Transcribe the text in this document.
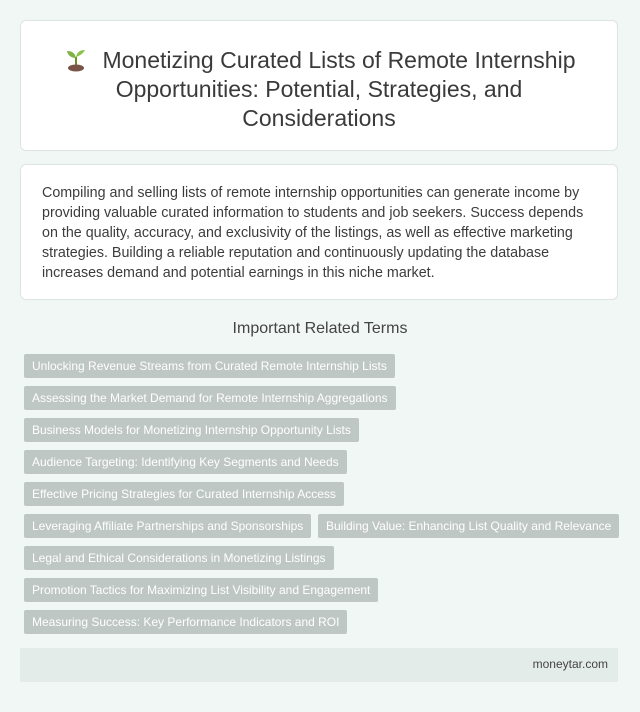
Monetizing Curated Lists of Remote Internship Opportunities: Potential, Strategies, and Considerations

Compiling and selling lists of remote internship opportunities can generate income by providing valuable curated information to students and job seekers. Success depends on the quality, accuracy, and exclusivity of the listings, as well as effective marketing strategies. Building a reliable reputation and continuously updating the database increases demand and potential earnings in this niche market.

Important Related Terms
Unlocking Revenue Streams from Curated Remote Internship Lists
Assessing the Market Demand for Remote Internship Aggregations
Business Models for Monetizing Internship Opportunity Lists
Audience Targeting: Identifying Key Segments and Needs
Effective Pricing Strategies for Curated Internship Access
Leveraging Affiliate Partnerships and Sponsorships	Building Value: Enhancing List Quality and Relevance
Legal and Ethical Considerations in Monetizing Listings
Promotion Tactics for Maximizing List Visibility and Engagement
Measuring Success: Key Performance Indicators and ROI
moneytar.com
